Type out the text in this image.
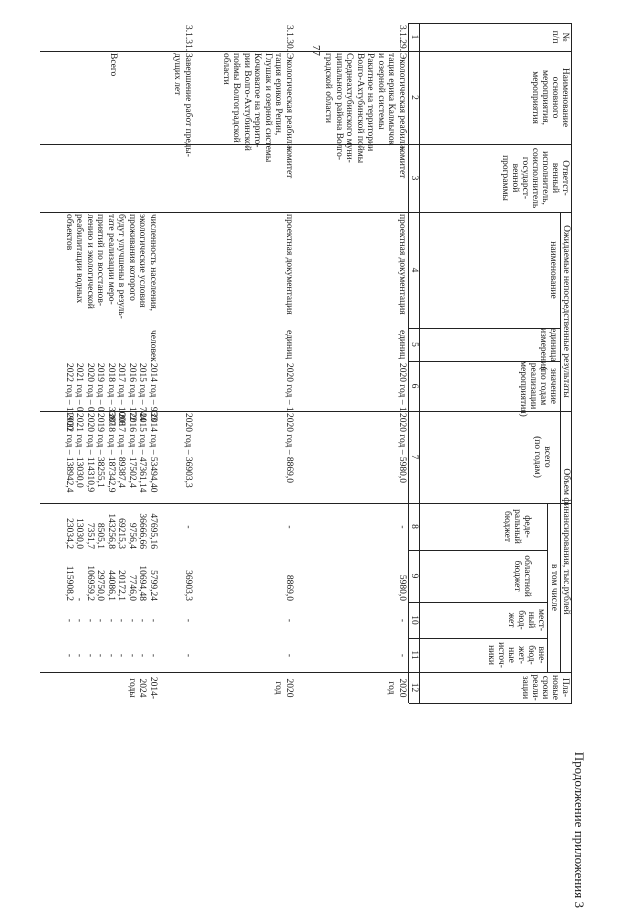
77
Продолжение приложения 3
№
п/п
Наименование
основного
мероприятия,
мероприятия
Ответст-
венный
исполнитель,
соисполнитель
государст-
венной
программы
Ожидаемые непосредственные результаты
наименование
единица
измерения
значение
(по годам
реализации
мероприятия)
Объем финансирования, тыс.рублей
всего
(по годам)
в том числе
феде-
ральный
бюджет
областной
бюджет
мест-
ный
бюд-
жет
вне-
бюд-
жет-
ные
источ-
ники
Пла-
новые
сроки
реали-
зации
1
2
3
4
5
6
7
8
9
10
11
12
3.1.29.
Экологическая реабили-
тация ерика Калмычок
и озерной системы
Ракитное на территории
Волго-Ахтубинской поймы
Среднеахтубинского муни-
ципального района Волго-
градской области
комитет
проектная документация
единиц
2020 год – 1
2020 год – 5980,0
-
5980,0
-
-
2020
год
3.1.30.
Экологическая реабили-
тация ериков Репин,
Глушак и озерной системы
Кочковатое на террито-
рии Волго-Ахтубинской
поймы Волгоградской
области
комитет
проектная документация
единиц
2020 год – 1
2020 год – 8869,0
-
8869,0
-
-
2020
год
3.1.31.
Завершение работ преды-
дущих лет
2020 год – 36903,3
-
36903,3
-
-
Всего
численность населения,
экологические условия
проживания которого
будут улучшены в резуль-
тате реализации меро-
приятий по восстанов-
лению и экологической
реабилитации водных
объектов
человек
2014 год – 933
2015 год – 744
2016 год – 172
2017 год – 1008
2018 год – 3387
2019 год – 0
2020 год – 0
2021 год – 0
2022 год – 11900
2014 год – 53494,40
2015 год – 47361,14
2016 год – 17502,4
2017 год – 89387,4
2018 год – 187342,9
2019 год – 38255,1
2020 год – 114310,9
2021 год – 13030,0
2022 год – 138942,4
47695,16
36666,66
9756,4
69215,3
143256,8
8505,1
7351,7
13030,0
23034,2
5799,24
10694,48
7746,0
20172,1
44086,1
29750,0
106959,2
-
115908,2
-
-
-
-
-
-
-
-
-
-
-
-
-
-
-
-
-
-
2014-
2024
годы
